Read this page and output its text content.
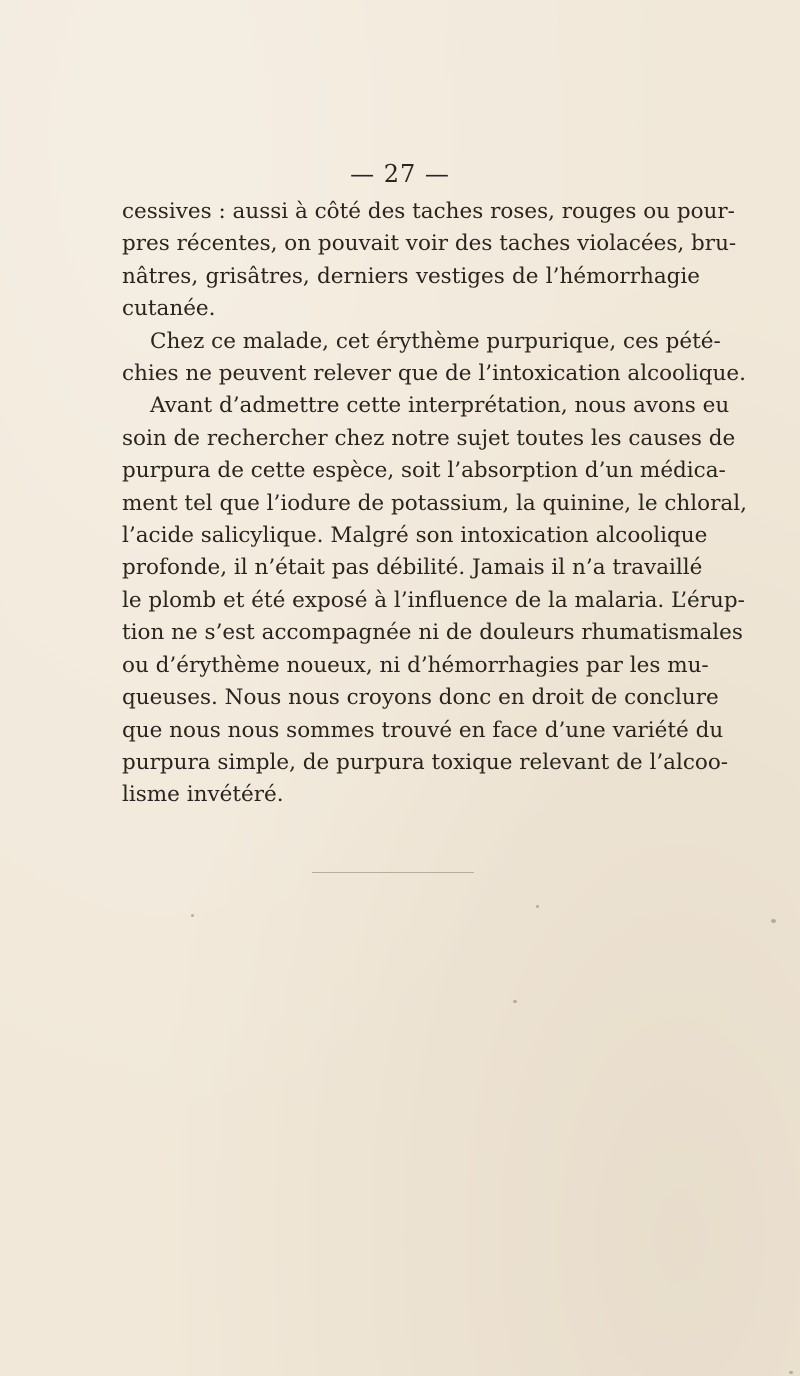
— 27 —
cessives : aussi à côté des taches roses, rouges ou pour-
pres récentes, on pouvait voir des taches violacées, bru-
nâtres, grisâtres, derniers vestiges de l’hémorrhagie
cutanée.
Chez ce malade, cet érythème purpurique, ces pété-
chies ne peuvent relever que de l’intoxication alcoolique.
Avant d’admettre cette interprétation, nous avons eu
soin de rechercher chez notre sujet toutes les causes de
purpura de cette espèce, soit l’absorption d’un médica-
ment tel que l’iodure de potassium, la quinine, le chloral,
l’acide salicylique. Malgré son intoxication alcoolique
profonde, il n’était pas débilité. Jamais il n’a travaillé
le plomb et été exposé à l’influence de la malaria. L’érup-
tion ne s’est accompagnée ni de douleurs rhumatismales
ou d’érythème noueux, ni d’hémorrhagies par les mu-
queuses. Nous nous croyons donc en droit de conclure
que nous nous sommes trouvé en face d’une variété du
purpura simple, de purpura toxique relevant de l’alcoo-
lisme invétéré.
